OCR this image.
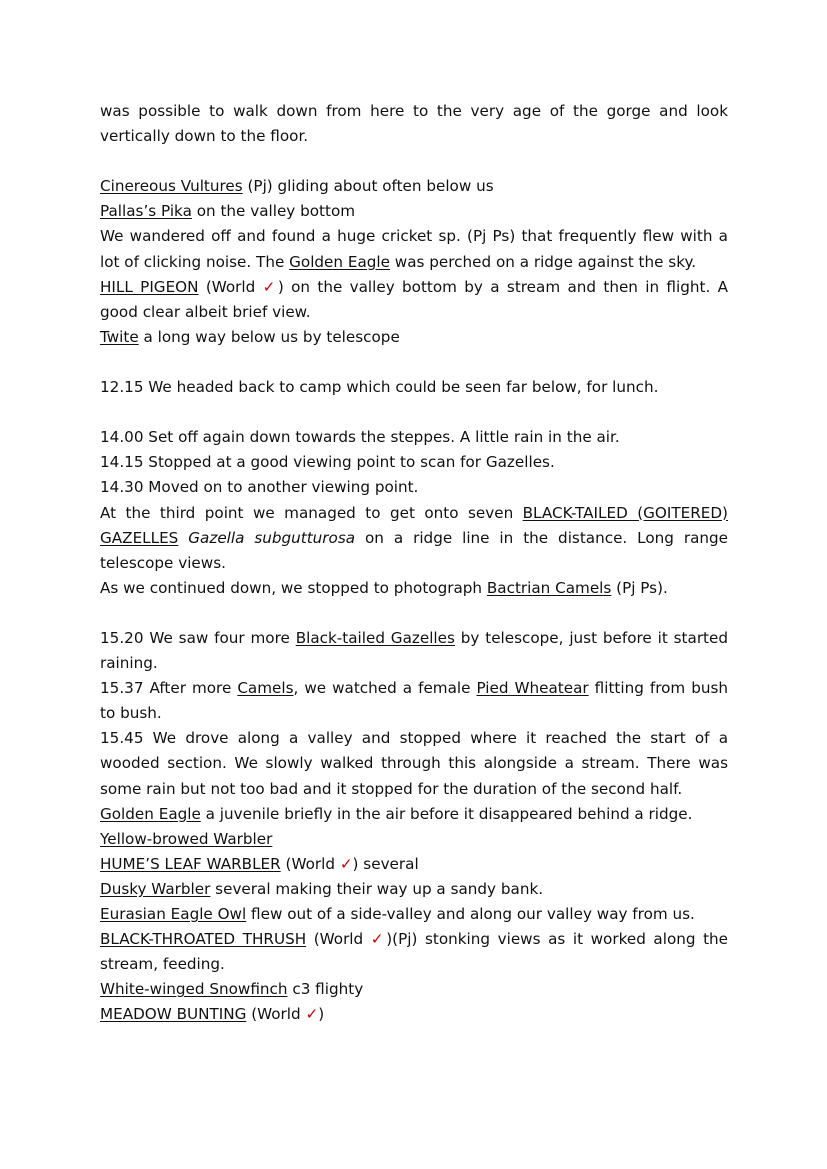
was possible to walk down from here to the very age of the gorge and look vertically down to the floor.

Cinereous Vultures (Pj) gliding about often below us

Pallas’s Pika on the valley bottom

We wandered off and found a huge cricket sp. (Pj Ps) that frequently flew with a lot of clicking noise. The Golden Eagle was perched on a ridge against the sky.

HILL PIGEON (World ✓) on the valley bottom by a stream and then in flight. A good clear albeit brief view.

Twite a long way below us by telescope

12.15 We headed back to camp which could be seen far below, for lunch.

14.00 Set off again down towards the steppes. A little rain in the air.

14.15 Stopped at a good viewing point to scan for Gazelles.

14.30 Moved on to another viewing point.

At the third point we managed to get onto seven BLACK-TAILED (GOITERED) GAZELLES Gazella subgutturosa on a ridge line in the distance. Long range telescope views.

As we continued down, we stopped to photograph Bactrian Camels (Pj Ps).

15.20 We saw four more Black-tailed Gazelles by telescope, just before it started raining.

15.37 After more Camels, we watched a female Pied Wheatear flitting from bush to bush.

15.45 We drove along a valley and stopped where it reached the start of a wooded section. We slowly walked through this alongside a stream. There was some rain but not too bad and it stopped for the duration of the second half.

Golden Eagle a juvenile briefly in the air before it disappeared behind a ridge.

Yellow-browed Warbler

HUME’S LEAF WARBLER (World ✓) several

Dusky Warbler several making their way up a sandy bank.

Eurasian Eagle Owl flew out of a side-valley and along our valley way from us.

BLACK-THROATED THRUSH (World ✓)(Pj) stonking views as it worked along the stream, feeding.

White-winged Snowfinch c3 flighty

MEADOW BUNTING (World ✓)
